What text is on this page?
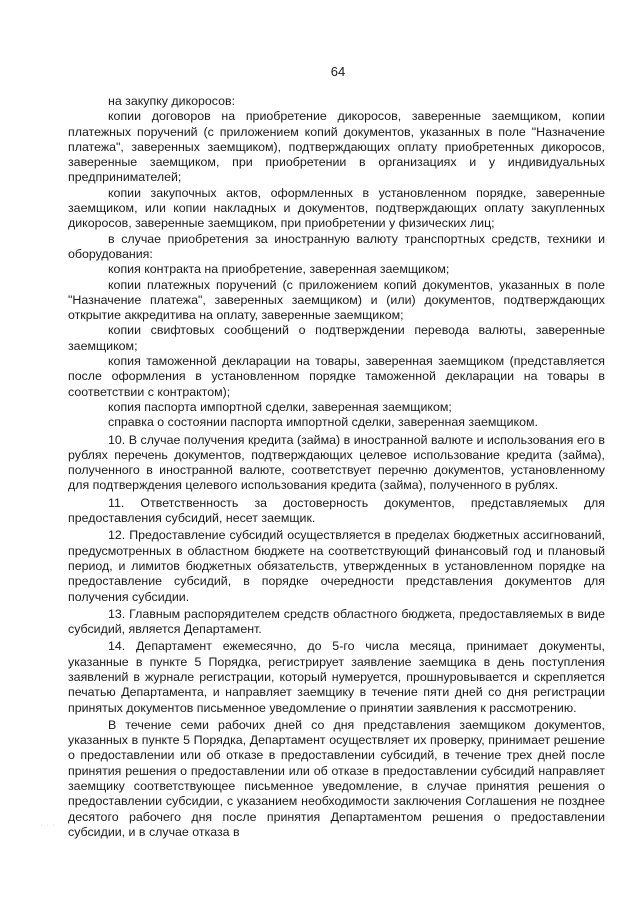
64

на закупку дикоросов:

копии договоров на приобретение дикоросов, заверенные заемщиком, копии платежных поручений (с приложением копий документов, указанных в поле "Назначение платежа", заверенных заемщиком), подтверждающих оплату приобретенных дикоросов, заверенные заемщиком, при приобретении в организациях и у индивидуальных предпринимателей;

копии закупочных актов, оформленных в установленном порядке, заверенные заемщиком, или копии накладных и документов, подтверждающих оплату закупленных дикоросов, заверенные заемщиком, при приобретении у физических лиц;

в случае приобретения за иностранную валюту транспортных средств, техники и оборудования:

копия контракта на приобретение, заверенная заемщиком;

копии платежных поручений (с приложением копий документов, указанных в поле "Назначение платежа", заверенных заемщиком) и (или) документов, подтверждающих открытие аккредитива на оплату, заверенные заемщиком;

копии свифтовых сообщений о подтверждении перевода валюты, заверенные заемщиком;

копия таможенной декларации на товары, заверенная заемщиком (представляется после оформления в установленном порядке таможенной декларации на товары в соответствии с контрактом);

копия паспорта импортной сделки, заверенная заемщиком;

справка о состоянии паспорта импортной сделки, заверенная заемщиком.

10. В случае получения кредита (займа) в иностранной валюте и использования его в рублях перечень документов, подтверждающих целевое использование кредита (займа), полученного в иностранной валюте, соответствует перечню документов, установленному для подтверждения целевого использования кредита (займа), полученного в рублях.

11. Ответственность за достоверность документов, представляемых для предоставления субсидий, несет заемщик.

12. Предоставление субсидий осуществляется в пределах бюджетных ассигнований, предусмотренных в областном бюджете на соответствующий финансовый год и плановый период, и лимитов бюджетных обязательств, утвержденных в установленном порядке на предоставление субсидий, в порядке очередности представления документов для получения субсидии.

13. Главным распорядителем средств областного бюджета, предоставляемых в виде субсидий, является Департамент.

14. Департамент ежемесячно, до 5-го числа месяца, принимает документы, указанные в пункте 5 Порядка, регистрирует заявление заемщика в день поступления заявлений в журнале регистрации, который нумеруется, прошнуровывается и скрепляется печатью Департамента, и направляет заемщику в течение пяти дней со дня регистрации принятых документов письменное уведомление о принятии заявления к рассмотрению.

В течение семи рабочих дней со дня представления заемщиком документов, указанных в пункте 5 Порядка, Департамент осуществляет их проверку, принимает решение о предоставлении или об отказе в предоставлении субсидий, в течение трех дней после принятия решения о предоставлении или об отказе в предоставлении субсидий направляет заемщику соответствующее письменное уведомление, в случае принятия решения о предоставлении субсидии, с указанием необходимости заключения Соглашения не позднее десятого рабочего дня после принятия Департаментом решения о предоставлении субсидии, и в случае отказа в

· · ·
